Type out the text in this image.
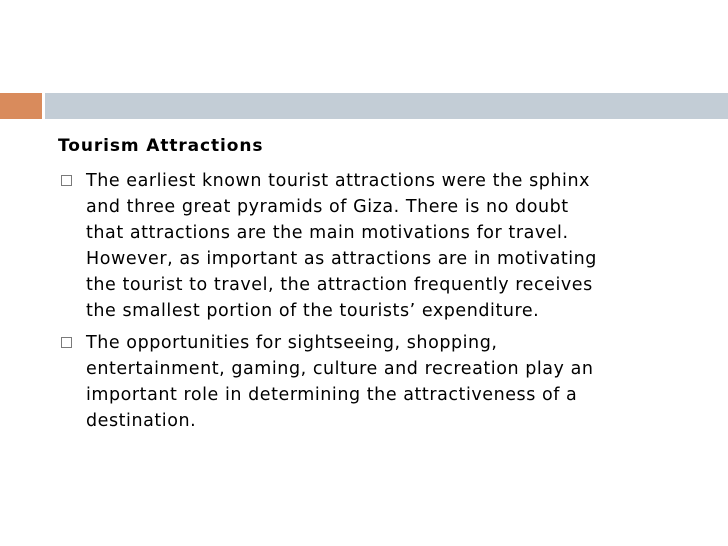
Tourism Attractions
The earliest known tourist attractions were the sphinx
and three great pyramids of Giza. There is no doubt
that attractions are the main motivations for travel.
However, as important as attractions are in motivating
the tourist to travel, the attraction frequently receives
the smallest portion of the tourists’ expenditure.
The opportunities for sightseeing, shopping,
entertainment, gaming, culture and recreation play an
important role in determining the attractiveness of a
destination.
